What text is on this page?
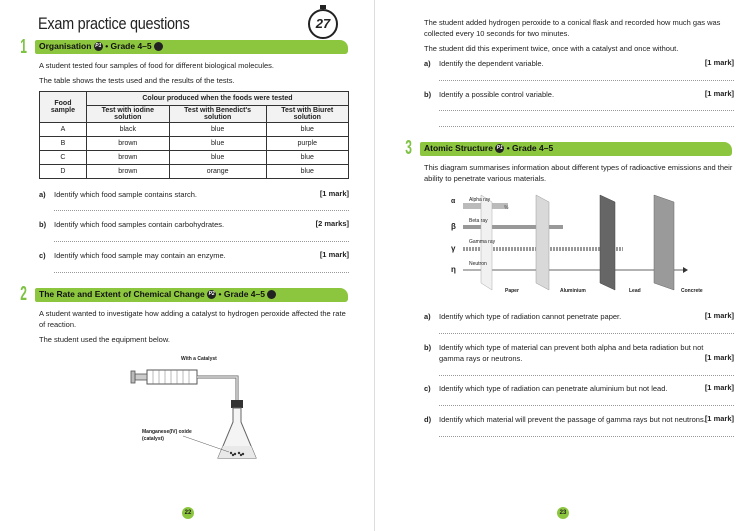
Exam practice questions	27
1 Organisation P1 • Grade 4–5
A student tested four samples of food for different biological molecules.
The table shows the tests used and the results of the tests.
Food sample	Colour produced when the foods were tested		
	Test with iodine solution	Test with Benedict's solution	Test with Biuret solution
A	black	blue	blue
B	brown	blue	purple
C	brown	blue	blue
D	brown	orange	blue
a) Identify which food sample contains starch.	[1 mark]
b) Identify which food samples contain carbohydrates.	[2 marks]
c) Identify which food sample may contain an enzyme.	[1 mark]
2 The Rate and Extent of Chemical Change P2 • Grade 4–5
A student wanted to investigate how adding a catalyst to hydrogen peroxide affected the rate of reaction.
The student used the equipment below.
With a Catalyst
Manganese(IV) oxide (catalyst)
22
The student added hydrogen peroxide to a conical flask and recorded how much gas was collected every 10 seconds for two minutes.
The student did this experiment twice, once with a catalyst and once without.
a) Identify the dependent variable.	[1 mark]
b) Identify a possible control variable.	[1 mark]
3 Atomic Structure P1 • Grade 4–5
This diagram summarises information about different types of radioactive emissions and their ability to penetrate various materials.
%
α	Alpha ray
β
Beta ray
γ
Gamma ray
η
Neutron
Paper	Aluminium	Lead	Concrete
a) Identify which type of radiation cannot penetrate paper.	[1 mark]
b) Identify which type of material can prevent both alpha and beta radiation but not gamma rays or neutrons.	[1 mark]
c) Identify which type of radiation can penetrate aluminium but not lead.	[1 mark]
d) Identify which material will prevent the passage of gamma rays but not neutrons. [1 mark]
23
